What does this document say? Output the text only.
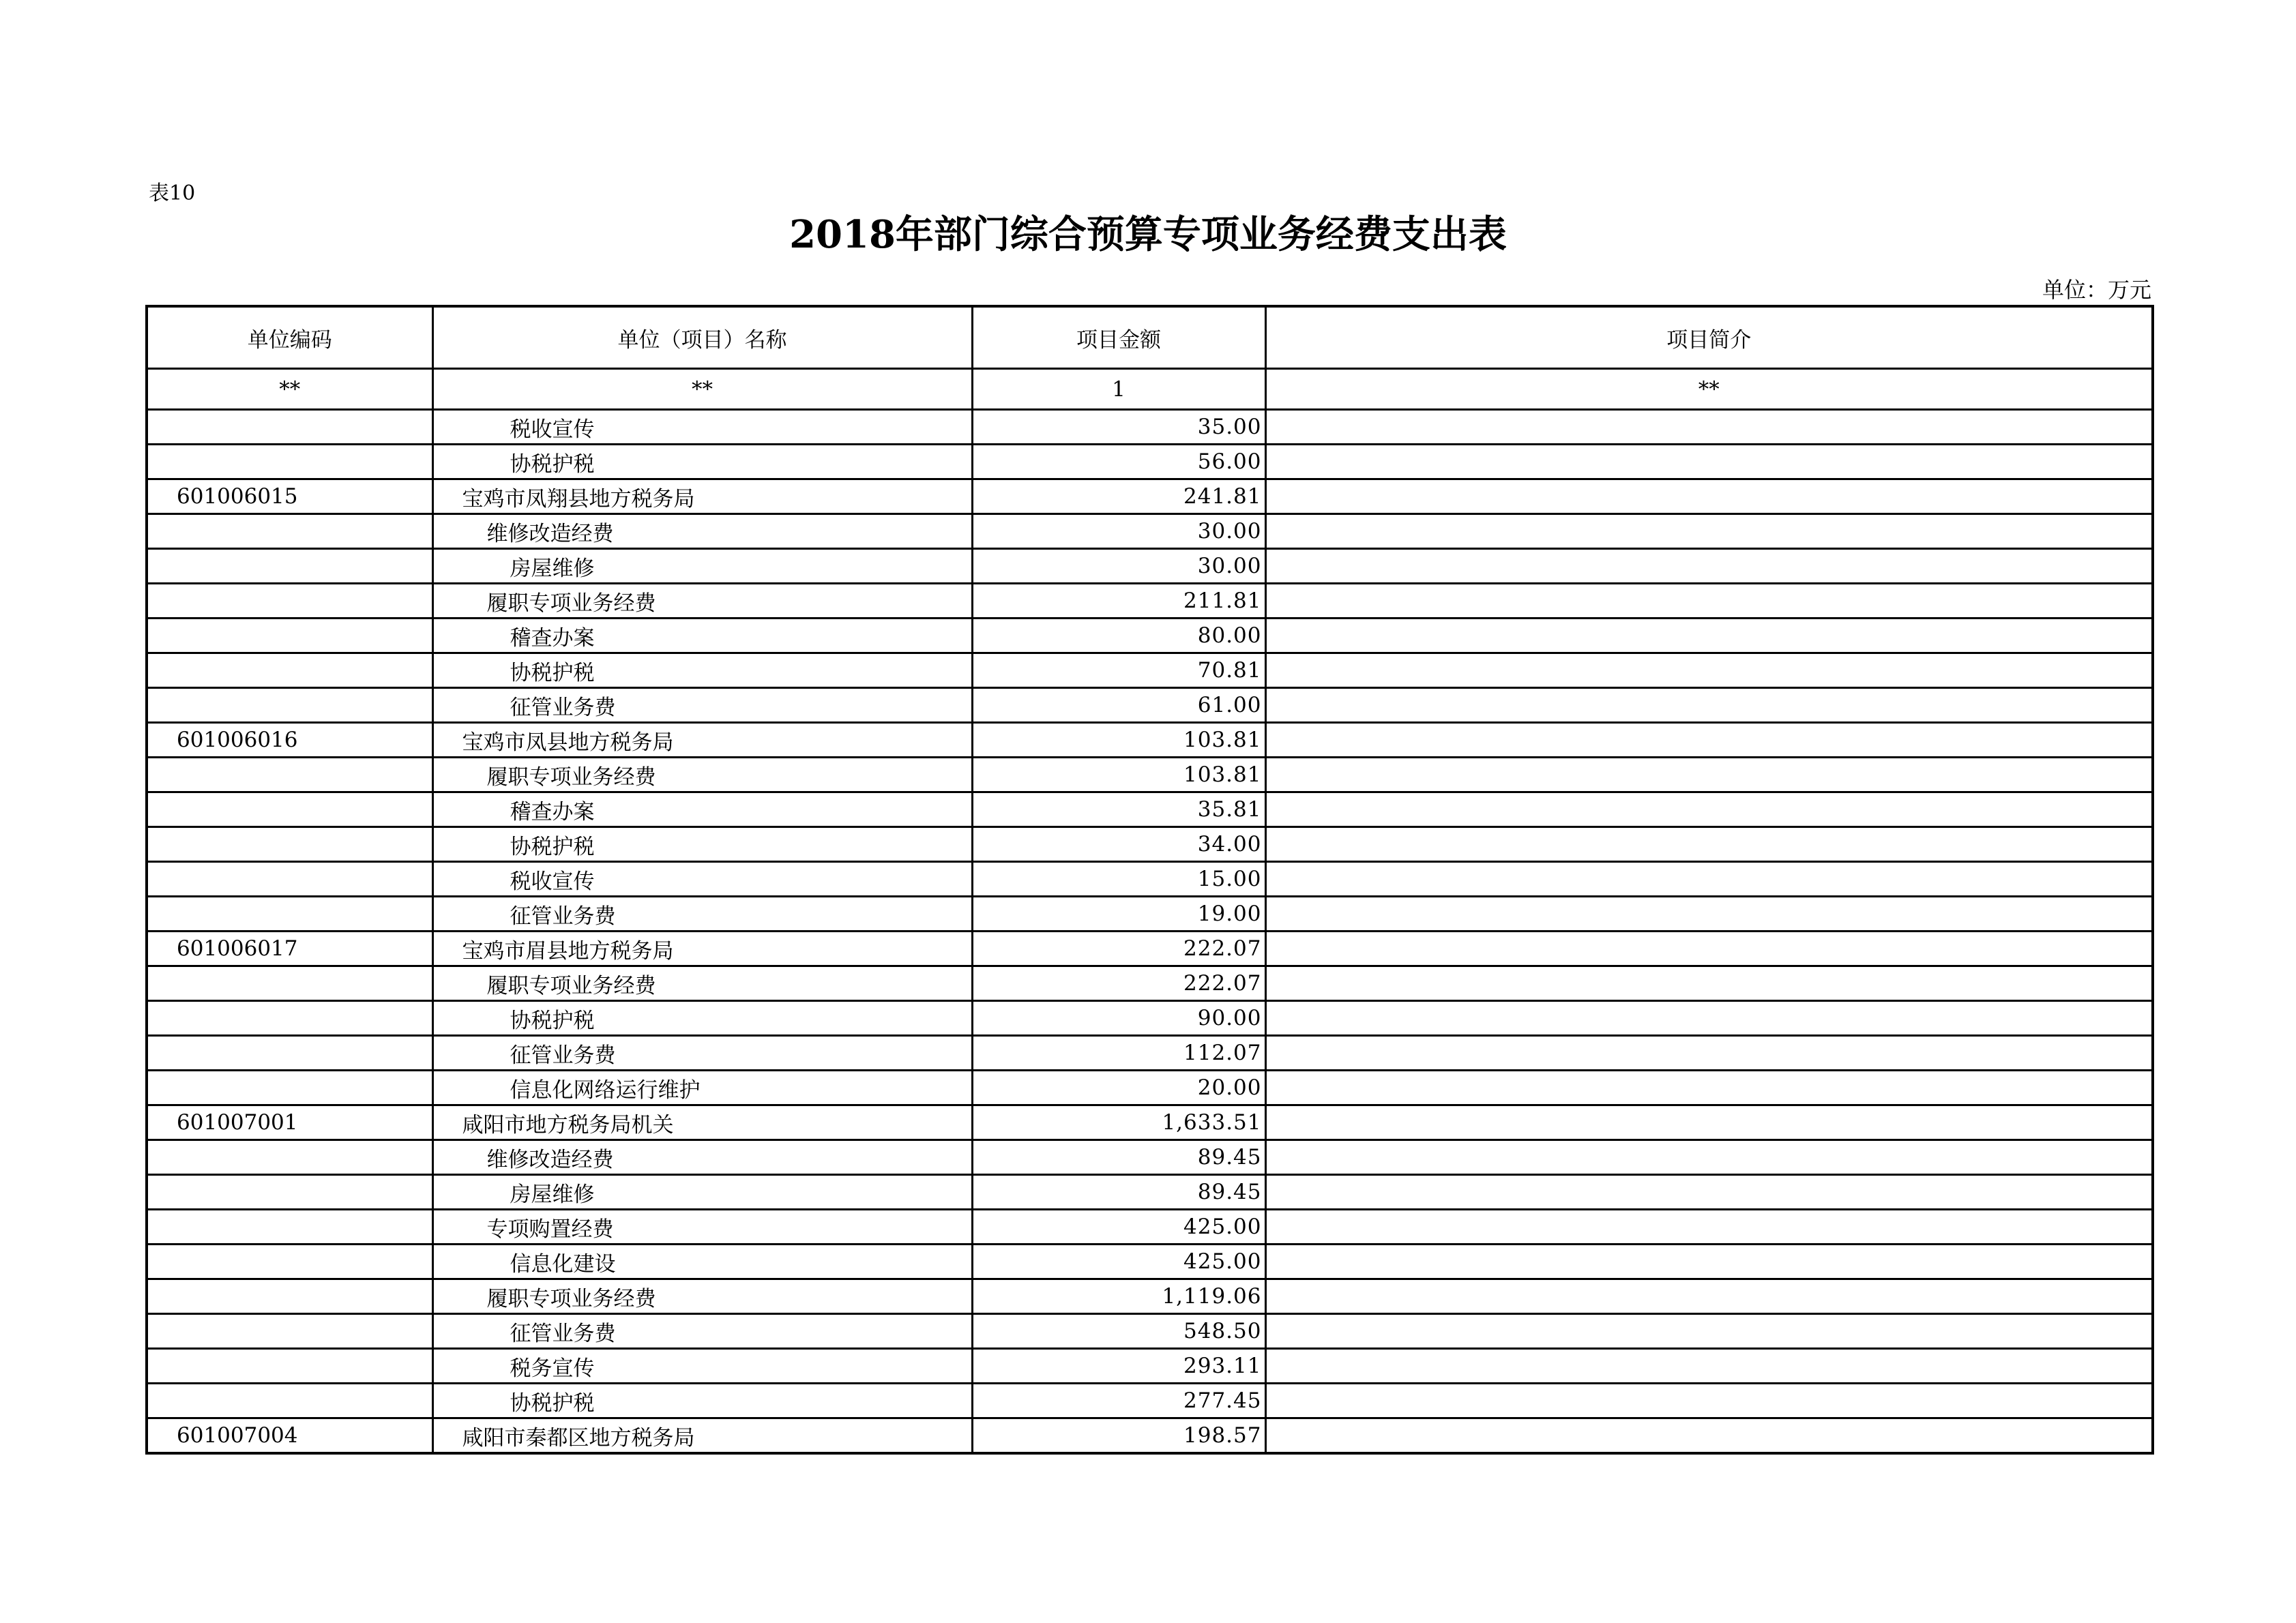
表10
2018年部门综合预算专项业务经费支出表
单位：万元
单位编码	单位（项目）名称	项目金额	项目简介
**	**	1	**
	税收宣传	35.00	
	协税护税	56.00	
601006015	宝鸡市凤翔县地方税务局	241.81	
	维修改造经费	30.00	
	房屋维修	30.00	
	履职专项业务经费	211.81	
	稽查办案	80.00	
	协税护税	70.81	
	征管业务费	61.00	
601006016	宝鸡市凤县地方税务局	103.81	
	履职专项业务经费	103.81	
	稽查办案	35.81	
	协税护税	34.00	
	税收宣传	15.00	
	征管业务费	19.00	
601006017	宝鸡市眉县地方税务局	222.07	
	履职专项业务经费	222.07	
	协税护税	90.00	
	征管业务费	112.07	
	信息化网络运行维护	20.00	
601007001	咸阳市地方税务局机关	1,633.51	
	维修改造经费	89.45	
	房屋维修	89.45	
	专项购置经费	425.00	
	信息化建设	425.00	
	履职专项业务经费	1,119.06	
	征管业务费	548.50	
	税务宣传	293.11	
	协税护税	277.45	
601007004	咸阳市秦都区地方税务局	198.57	
